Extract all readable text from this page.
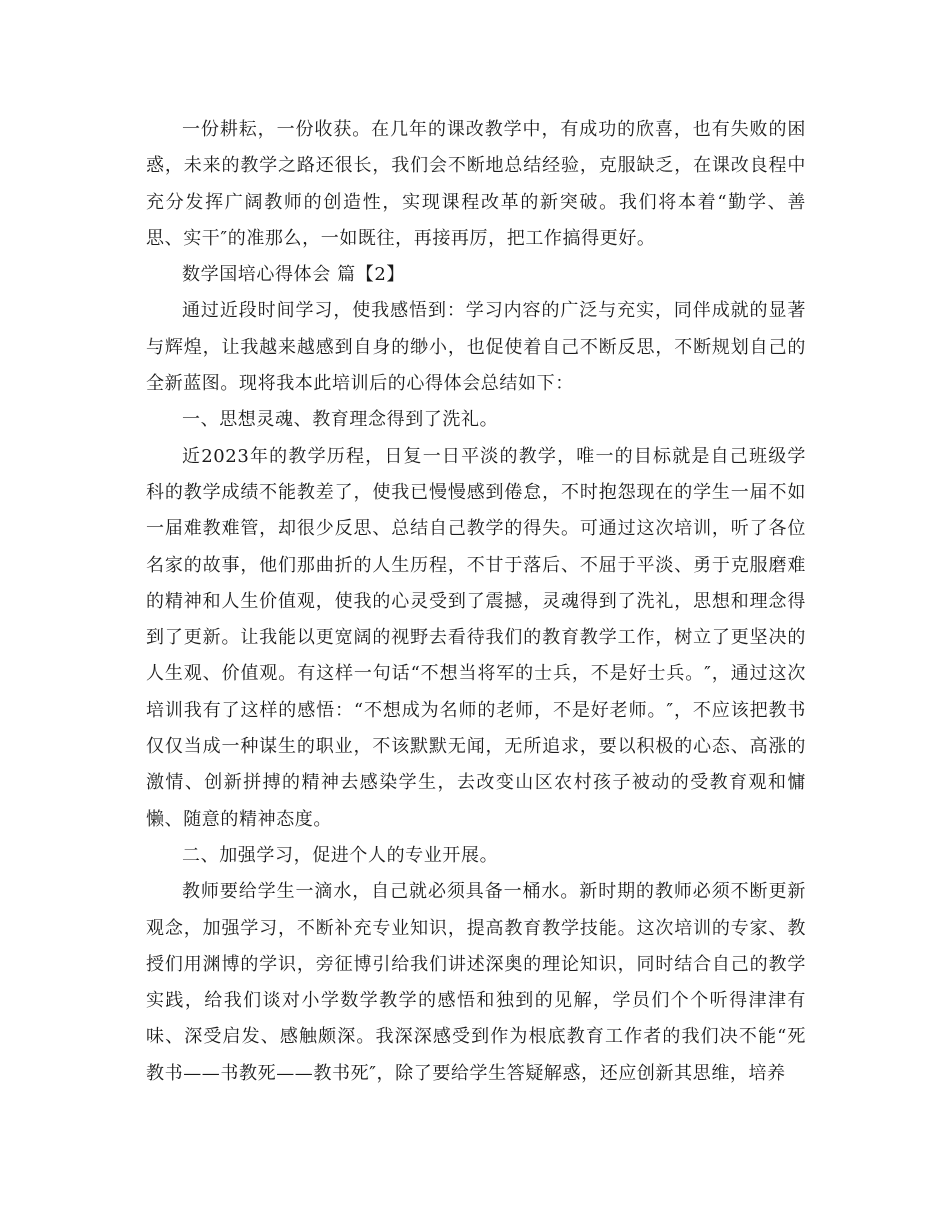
一份耕耘，一份收获。在几年的课改教学中，有成功的欣喜，也有失败的困惑，未来的教学之路还很长，我们会不断地总结经验，克服缺乏，在课改良程中充分发挥广阔教师的创造性，实现课程改革的新突破。我们将本着“勤学、善思、实干″的准那么，一如既往，再接再厉，把工作搞得更好。

数学国培心得体会 篇【2】

通过近段时间学习，使我感悟到：学习内容的广泛与充实，同伴成就的显著与辉煌，让我越来越感到自身的缈小，也促使着自己不断反思，不断规划自己的全新蓝图。现将我本此培训后的心得体会总结如下：

一、思想灵魂、教育理念得到了洗礼。

近2023年的教学历程，日复一日平淡的教学，唯一的目标就是自己班级学科的教学成绩不能教差了，使我已慢慢感到倦怠，不时抱怨现在的学生一届不如一届难教难管，却很少反思、总结自己教学的得失。可通过这次培训，听了各位名家的故事，他们那曲折的人生历程，不甘于落后、不屈于平淡、勇于克服磨难的精神和人生价值观，使我的心灵受到了震撼，灵魂得到了洗礼，思想和理念得到了更新。让我能以更宽阔的视野去看待我们的教育教学工作，树立了更坚决的人生观、价值观。有这样一句话“不想当将军的士兵，不是好士兵。″，通过这次培训我有了这样的感悟：“不想成为名师的老师，不是好老师。″，不应该把教书仅仅当成一种谋生的职业，不该默默无闻，无所追求，要以积极的心态、高涨的激情、创新拼搏的精神去感染学生，去改变山区农村孩子被动的受教育观和慵懒、随意的精神态度。

二、加强学习，促进个人的专业开展。

教师要给学生一滴水，自己就必须具备一桶水。新时期的教师必须不断更新观念，加强学习，不断补充专业知识，提高教育教学技能。这次培训的专家、教授们用渊博的学识，旁征博引给我们讲述深奥的理论知识，同时结合自己的教学实践，给我们谈对小学数学教学的感悟和独到的见解，学员们个个听得津津有味、深受启发、感触颇深。我深深感受到作为根底教育工作者的我们决不能“死教书——书教死——教书死″，除了要给学生答疑解惑，还应创新其思维，培养
